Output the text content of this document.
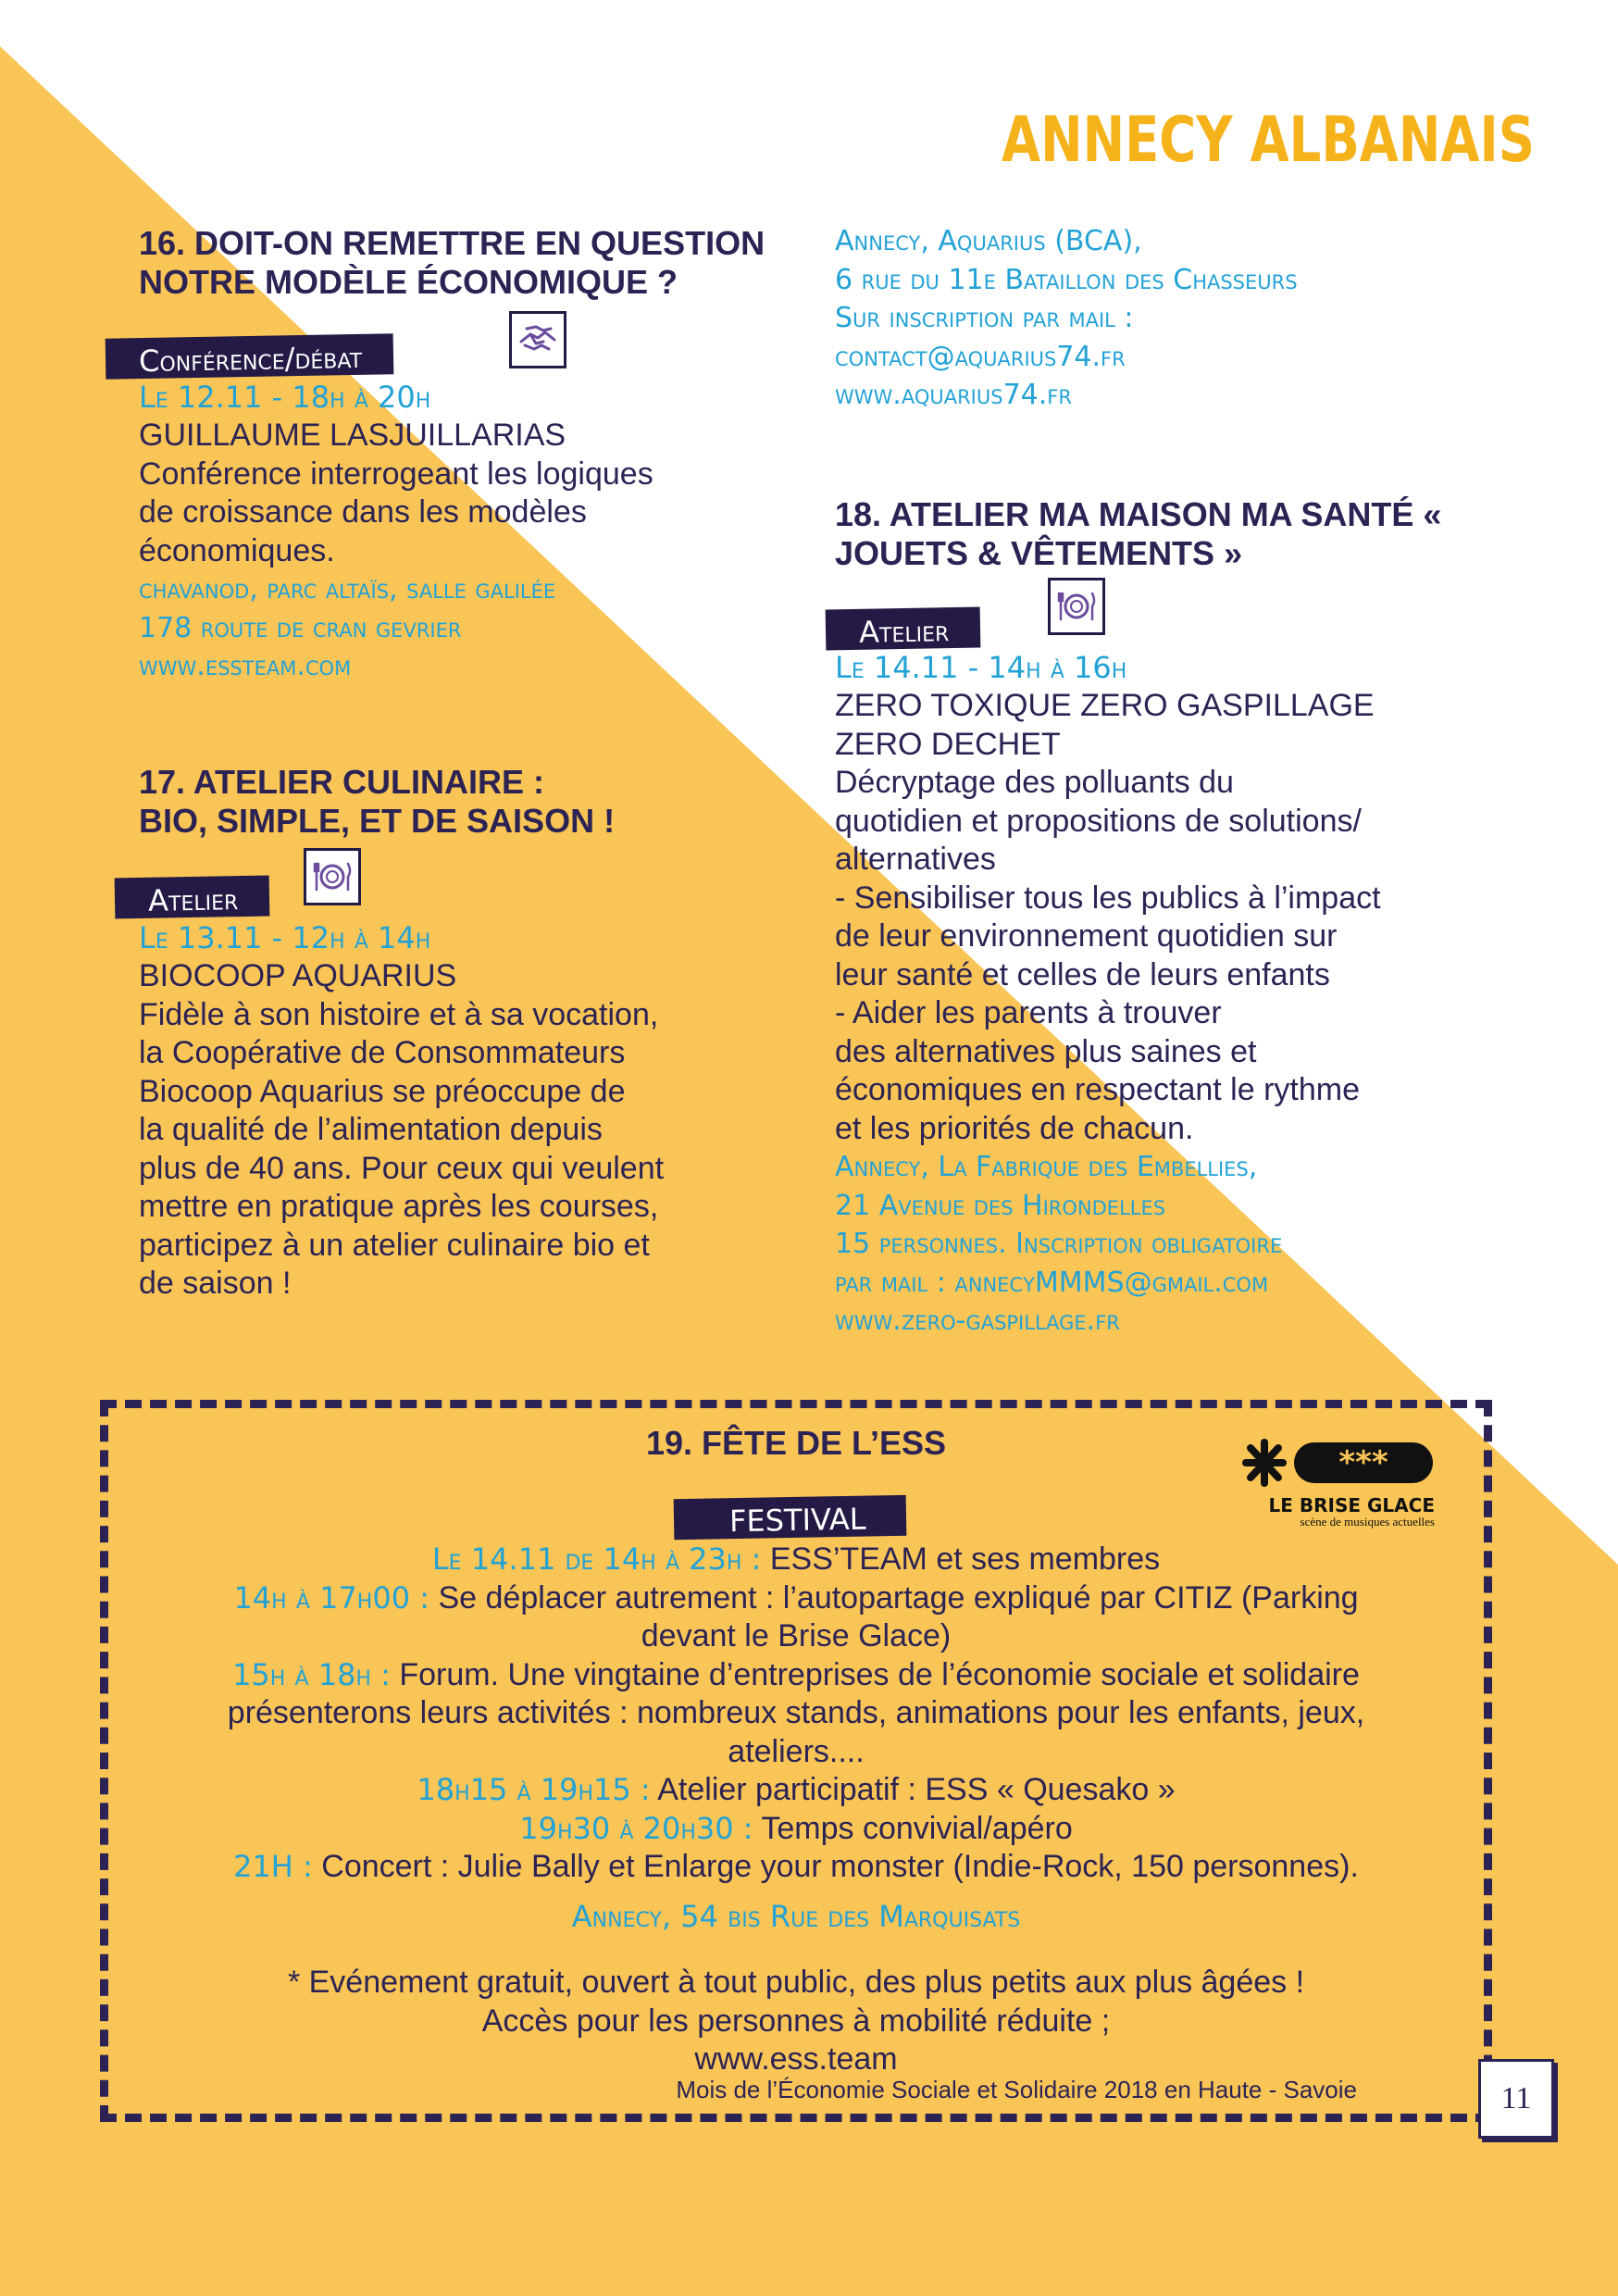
ANNECY ALBANAIS

16. DOIT-ON REMETTRE EN QUESTION

NOTRE MODÈLE ÉCONOMIQUE ?

Conférence/débat
Le 12.11 - 18h à 20h
GUILLAUME LASJUILLARIAS
Conférence interrogeant les logiques
de croissance dans les modèles
économiques.
chavanod, parc altaïs, salle galilée
178 route de cran gevrier
www.essteam.com

17. ATELIER CULINAIRE :

BIO, SIMPLE, ET DE SAISON !

Atelier
Le 13.11 - 12h à 14h
BIOCOOP AQUARIUS
Fidèle à son histoire et à sa vocation,
la Coopérative de Consommateurs
Biocoop Aquarius se préoccupe de
la qualité de l’alimentation depuis
plus de 40 ans. Pour ceux qui veulent
mettre en pratique après les courses,
participez à un atelier culinaire bio et
de saison !
Annecy, Aquarius (BCA),
6 rue du 11e Bataillon des Chasseurs
Sur inscription par mail :
contact@aquarius74.fr
www.aquarius74.fr

18. ATELIER MA MAISON MA SANTÉ «

JOUETS & VÊTEMENTS »

Atelier
Le 14.11 - 14h à 16h
ZERO TOXIQUE ZERO GASPILLAGE
ZERO DECHET
Décryptage des polluants du
quotidien et propositions de solutions/
alternatives
- Sensibiliser tous les publics à l’impact
de leur environnement quotidien sur
leur santé et celles de leurs enfants
- Aider les parents à trouver
des alternatives plus saines et
économiques en respectant le rythme
et les priorités de chacun.
Annecy, La Fabrique des Embellies,
21 Avenue des Hirondelles
15 personnes. Inscription obligatoire
par mail : anneсyMMMS@gmail.com
www.zero-gaspillage.fr
19. FÊTE DE L’ESS
FESTIVAL
***
LE BRISE GLACE
scène de musiques actuelles
Le 14.11 de 14h à 23h : ESS’TEAM et ses membres
14h à 17h00 : Se déplacer autrement : l’autopartage expliqué par CITIZ (Parking
devant le Brise Glace)
15h à 18h : Forum. Une vingtaine d’entreprises de l’économie sociale et solidaire
présenterons leurs activités : nombreux stands, animations pour les enfants, jeux,
ateliers....
18h15 à 19h15 : Atelier participatif : ESS « Quesako »
19h30 à 20h30 : Temps convivial/apéro
21H : Concert : Julie Bally et Enlarge your monster (Indie-Rock, 150 personnes).
Annecy, 54 bis Rue des Marquisats
* Evénement gratuit, ouvert à tout public, des plus petits aux plus âgées !
Accès pour les personnes à mobilité réduite ;
www.ess.team
Mois de l’Économie Sociale et Solidaire 2018 en Haute - Savoie	11
